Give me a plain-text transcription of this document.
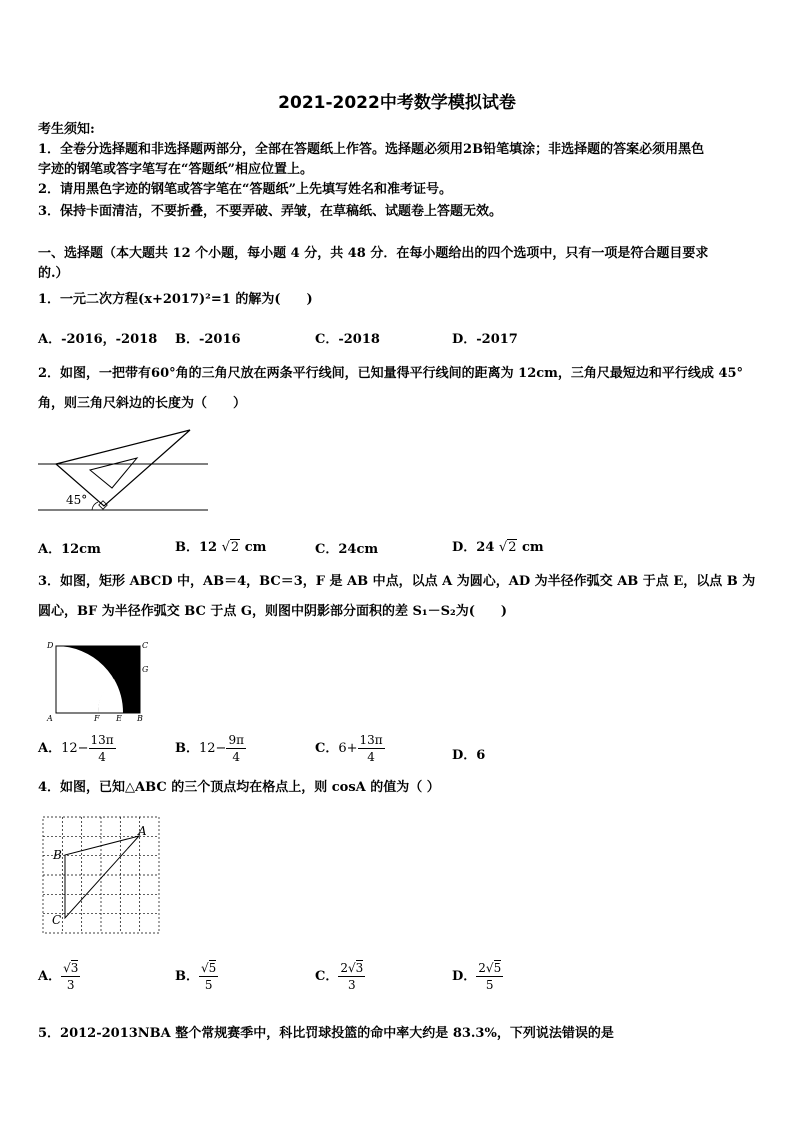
2021-2022中考数学模拟试卷
考生须知:
1．全卷分选择题和非选择题两部分，全部在答题纸上作答。选择题必须用2B铅笔填涂；非选择题的答案必须用黑色
字迹的钢笔或答字笔写在“答题纸”相应位置上。
2．请用黑色字迹的钢笔或答字笔在“答题纸”上先填写姓名和准考证号。
3．保持卡面清洁，不要折叠，不要弄破、弄皱，在草稿纸、试题卷上答题无效。
一、选择题（本大题共 12 个小题，每小题 4 分，共 48 分．在每小题给出的四个选项中，只有一项是符合题目要求
的.）
1．一元二次方程(x+2017)²=1 的解为(　　)
A．-2016，-2018 B．-2016	C．-2018	D．-2017
2．如图，一把带有60°角的三角尺放在两条平行线间，已知量得平行线间的距离为 12cm，三角尺最短边和平行线成 45°
角，则三角尺斜边的长度为（　　）
45°
A．12cm	B．12 √2 cm	C．24cm	D．24 √2 cm
3．如图，矩形 ABCD 中，AB＝4，BC＝3，F 是 AB 中点，以点 A 为圆心，AD 为半径作弧交 AB 于点 E，以点 B 为
圆心，BF 为半径作弧交 BC 于点 G，则图中阴影部分面积的差 S₁－S₂为(　　)
D	C
G
A	F E B
A．$12- \frac{13\pi}{4}$	B．$12- \frac{9\pi}{4}$	C．$6+ \frac{13\pi}{4}$	D．6
4．如图，已知△ABC 的三个顶点均在格点上，则 cosA 的值为（ ）
A
B
C
A． $\frac{√3}{3}$	B． $\frac{√5}{5}$	C． $\frac{2√3}{3}$	D． $\frac{2√5}{5}$
5．2012-2013NBA 整个常规赛季中，科比罚球投篮的命中率大约是 83.3%，下列说法错误的是
